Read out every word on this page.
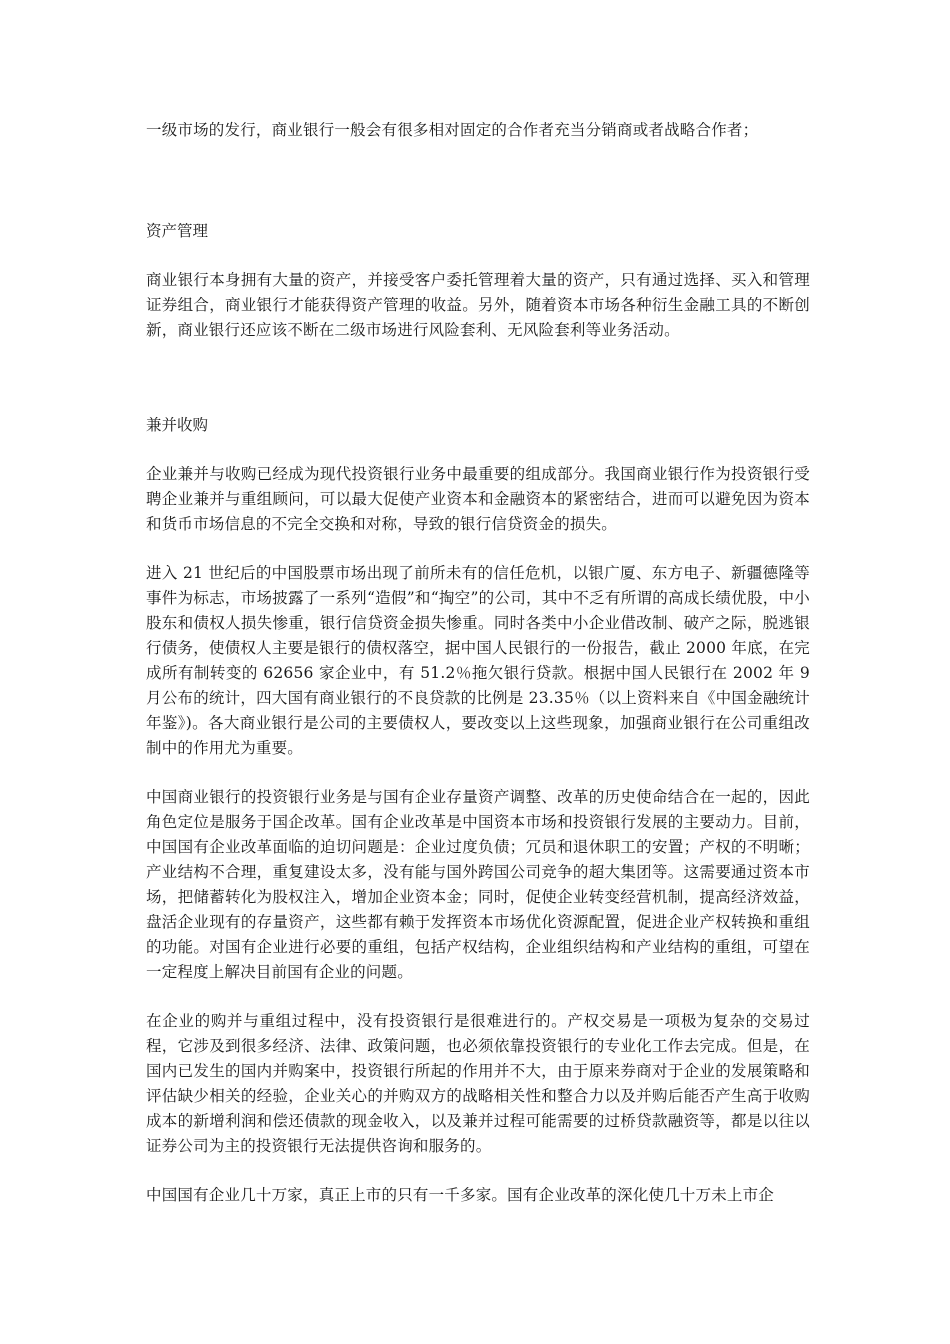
一级市场的发行，商业银行一般会有很多相对固定的合作者充当分销商或者战略合作者；

资产管理

商业银行本身拥有大量的资产，并接受客户委托管理着大量的资产，只有通过选择、买入和管理证券组合，商业银行才能获得资产管理的收益。另外，随着资本市场各种衍生金融工具的不断创新，商业银行还应该不断在二级市场进行风险套利、无风险套利等业务活动。

兼并收购

企业兼并与收购已经成为现代投资银行业务中最重要的组成部分。我国商业银行作为投资银行受聘企业兼并与重组顾问，可以最大促使产业资本和金融资本的紧密结合，进而可以避免因为资本和货币市场信息的不完全交换和对称，导致的银行信贷资金的损失。

进入 21 世纪后的中国股票市场出现了前所未有的信任危机，以银广厦、东方电子、新疆德隆等事件为标志，市场披露了一系列“造假”和“掏空”的公司，其中不乏有所谓的高成长绩优股，中小股东和债权人损失惨重，银行信贷资金损失惨重。同时各类中小企业借改制、破产之际，脱逃银行债务，使债权人主要是银行的债权落空，据中国人民银行的一份报告，截止 2000 年底，在完成所有制转变的 62656 家企业中，有 51.2％拖欠银行贷款。根据中国人民银行在 2002 年 9 月公布的统计，四大国有商业银行的不良贷款的比例是 23.35％（以上资料来自《中国金融统计年鉴》)。各大商业银行是公司的主要债权人，要改变以上这些现象，加强商业银行在公司重组改制中的作用尤为重要。

中国商业银行的投资银行业务是与国有企业存量资产调整、改革的历史使命结合在一起的，因此角色定位是服务于国企改革。国有企业改革是中国资本市场和投资银行发展的主要动力。目前，中国国有企业改革面临的迫切问题是：企业过度负债；冗员和退休职工的安置；产权的不明晰；产业结构不合理，重复建设太多，没有能与国外跨国公司竞争的超大集团等。这需要通过资本市场，把储蓄转化为股权注入，增加企业资本金；同时，促使企业转变经营机制，提高经济效益，盘活企业现有的存量资产，这些都有赖于发挥资本市场优化资源配置，促进企业产权转换和重组的功能。对国有企业进行必要的重组，包括产权结构，企业组织结构和产业结构的重组，可望在一定程度上解决目前国有企业的问题。

在企业的购并与重组过程中，没有投资银行是很难进行的。产权交易是一项极为复杂的交易过程，它涉及到很多经济、法律、政策问题，也必须依靠投资银行的专业化工作去完成。但是，在国内已发生的国内并购案中，投资银行所起的作用并不大，由于原来券商对于企业的发展策略和评估缺少相关的经验，企业关心的并购双方的战略相关性和整合力以及并购后能否产生高于收购成本的新增利润和偿还债款的现金收入，以及兼并过程可能需要的过桥贷款融资等，都是以往以证券公司为主的投资银行无法提供咨询和服务的。

中国国有企业几十万家，真正上市的只有一千多家。国有企业改革的深化使几十万未上市企
